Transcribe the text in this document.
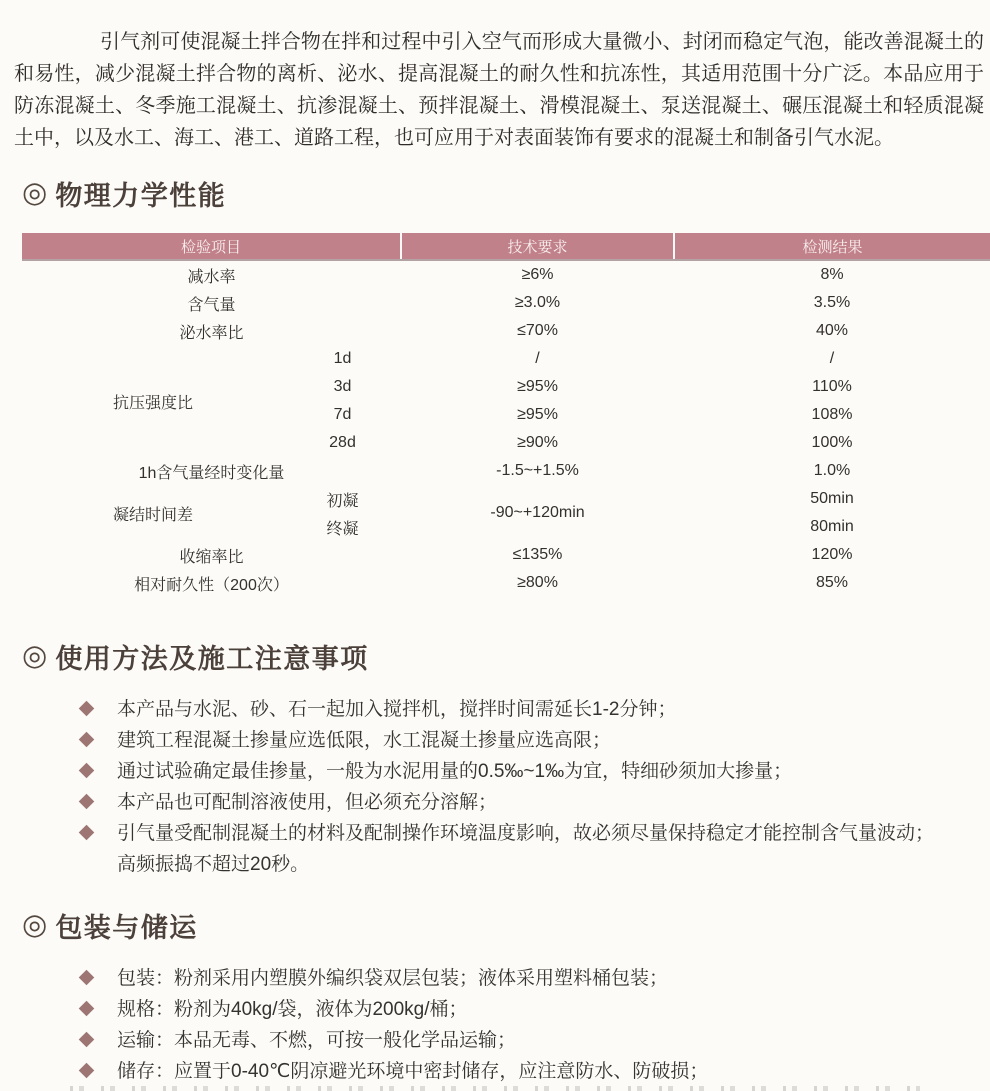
引气剂可使混凝土拌合物在拌和过程中引入空气而形成大量微小、封闭而稳定气泡，能改善混凝土的和易性，减少混凝土拌合物的离析、泌水、提高混凝土的耐久性和抗冻性，其适用范围十分广泛。本品应用于防冻混凝土、冬季施工混凝土、抗渗混凝土、预拌混凝土、滑模混凝土、泵送混凝土、碾压混凝土和轻质混凝土中，以及水工、海工、港工、道路工程，也可应用于对表面装饰有要求的混凝土和制备引气水泥。

◎ 物理力学性能
检验项目		技术要求	检测结果
减水率		≥6%	8%
含气量		≥3.0%	3.5%
泌水率比		≤70%	40%
抗压强度比	1d	/	/
	3d	≥95%	110%
	7d	≥95%	108%
	28d	≥90%	100%
1h含气量经时变化量		-1.5~+1.5%	1.0%
凝结时间差	初凝	-90~+120min	50min
	终凝		80min
收缩率比		≤135%	120%
相对耐久性（200次）		≥80%	85%
◎ 使用方法及施工注意事项
本产品与水泥、砂、石一起加入搅拌机，搅拌时间需延长1-2分钟；
建筑工程混凝土掺量应选低限，水工混凝土掺量应选高限；
通过试验确定最佳掺量，一般为水泥用量的0.5‰~1‰为宜，特细砂须加大掺量；
本产品也可配制溶液使用，但必须充分溶解；
引气量受配制混凝土的材料及配制操作环境温度影响，故必须尽量保持稳定才能控制含气量波动；
高频振捣不超过20秒。
◎ 包装与储运
包装：粉剂采用内塑膜外编织袋双层包装；液体采用塑料桶包装；
规格：粉剂为40kg/袋，液体为200kg/桶；
运输：本品无毒、不燃，可按一般化学品运输；
储存：应置于0-40℃阴凉避光环境中密封储存，应注意防水、防破损；
